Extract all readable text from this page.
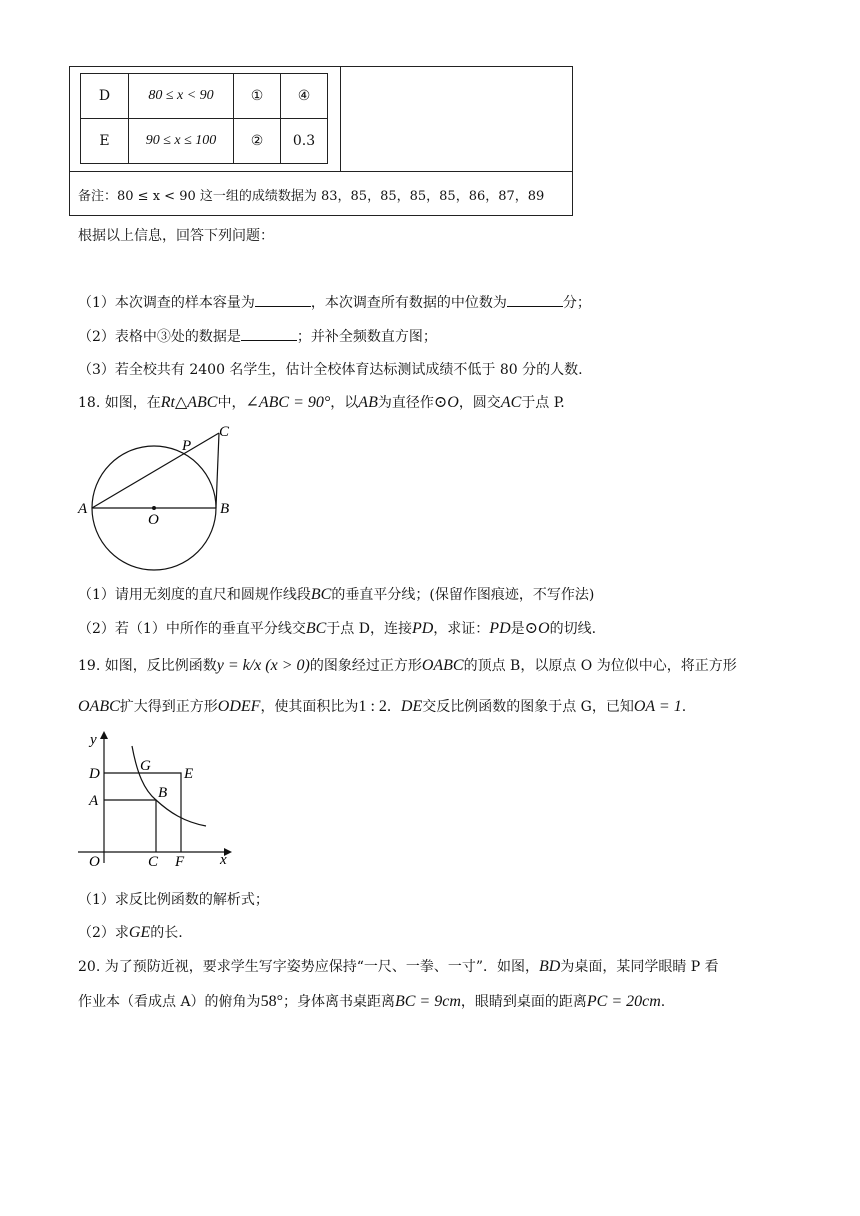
D	80 ≤ x < 90	①	④
E	90 ≤ x ≤ 100	②	0.3
备注：80 ≤ x < 90 这一组的成绩数据为 83，85，85，85，85，86，87，89
根据以上信息，回答下列问题：
（1）本次调查的样本容量为	，本次调查所有数据的中位数为	分；
（2）表格中③处的数据是	；并补全频数直方图；
（3）若全校共有 2400 名学生，估计全校体育达标测试成绩不低于 80 分的人数.
18. 如图，在Rt△ABC中，∠ABC = 90°，以AB为直径作⊙O，圆交AC于点 P.
A	B
C
O
P
（1）请用无刻度的直尺和圆规作线段BC的垂直平分线；(保留作图痕迹，不写作法)
（2）若（1）中所作的垂直平分线交BC于点 D，连接PD，求证：PD是⊙O的切线.
19. 如图，反比例函数y = k/x (x > 0)的图象经过正方形OABC的顶点 B，以原点 O 为位似中心，将正方形
OABC扩大得到正方形ODEF，使其面积比为1 : 2．DE交反比例函数的图象于点 G，已知OA = 1.
y
x
D	G E
A	B
O	C F
（1）求反比例函数的解析式；
（2）求GE的长.
20. 为了预防近视，要求学生写字姿势应保持“一尺、一拳、一寸”．如图，BD为桌面，某同学眼睛 P 看
作业本（看成点 A）的俯角为58°；身体离书桌距离BC = 9cm，眼睛到桌面的距离PC = 20cm.
